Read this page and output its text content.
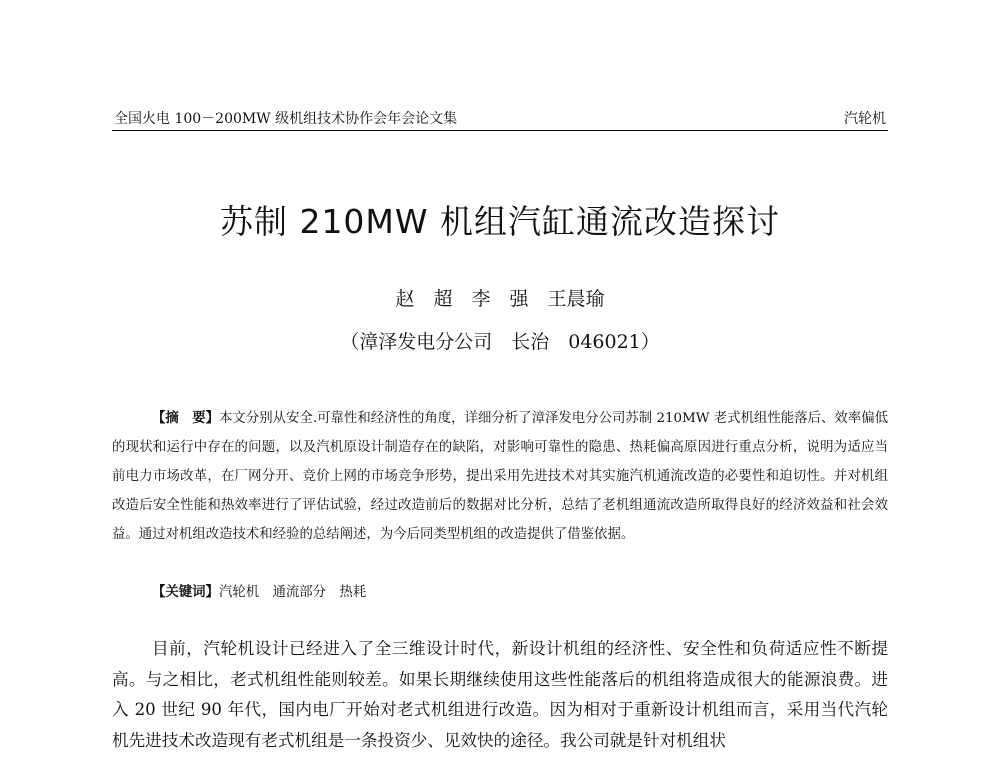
全国火电 100－200MW 级机组技术协作会年会论文集	汽轮机
苏制 210MW 机组汽缸通流改造探讨
赵　超　李　强　王晨瑜
（漳泽发电分公司　长治　046021）
【摘　要】本文分别从安全.可靠性和经济性的角度，详细分析了漳泽发电分公司苏制 210MW 老式机组性能落后、效率偏低的现状和运行中存在的问题，以及汽机原设计制造存在的缺陷，对影响可靠性的隐患、热耗偏高原因进行重点分析，说明为适应当前电力市场改革，在厂网分开、竞价上网的市场竞争形势，提出采用先进技术对其实施汽机通流改造的必要性和迫切性。并对机组改造后安全性能和热效率进行了评估试验，经过改造前后的数据对比分析，总结了老机组通流改造所取得良好的经济效益和社会效益。通过对机组改造技术和经验的总结阐述，为今后同类型机组的改造提供了借鉴依据。
【关键词】汽轮机　通流部分　热耗
目前，汽轮机设计已经进入了全三维设计时代，新设计机组的经济性、安全性和负荷适应性不断提高。与之相比，老式机组性能则较差。如果长期继续使用这些性能落后的机组将造成很大的能源浪费。进入 20 世纪 90 年代，国内电厂开始对老式机组进行改造。因为相对于重新设计机组而言，采用当代汽轮机先进技术改造现有老式机组是一条投资少、见效快的途径。我公司就是针对机组状
